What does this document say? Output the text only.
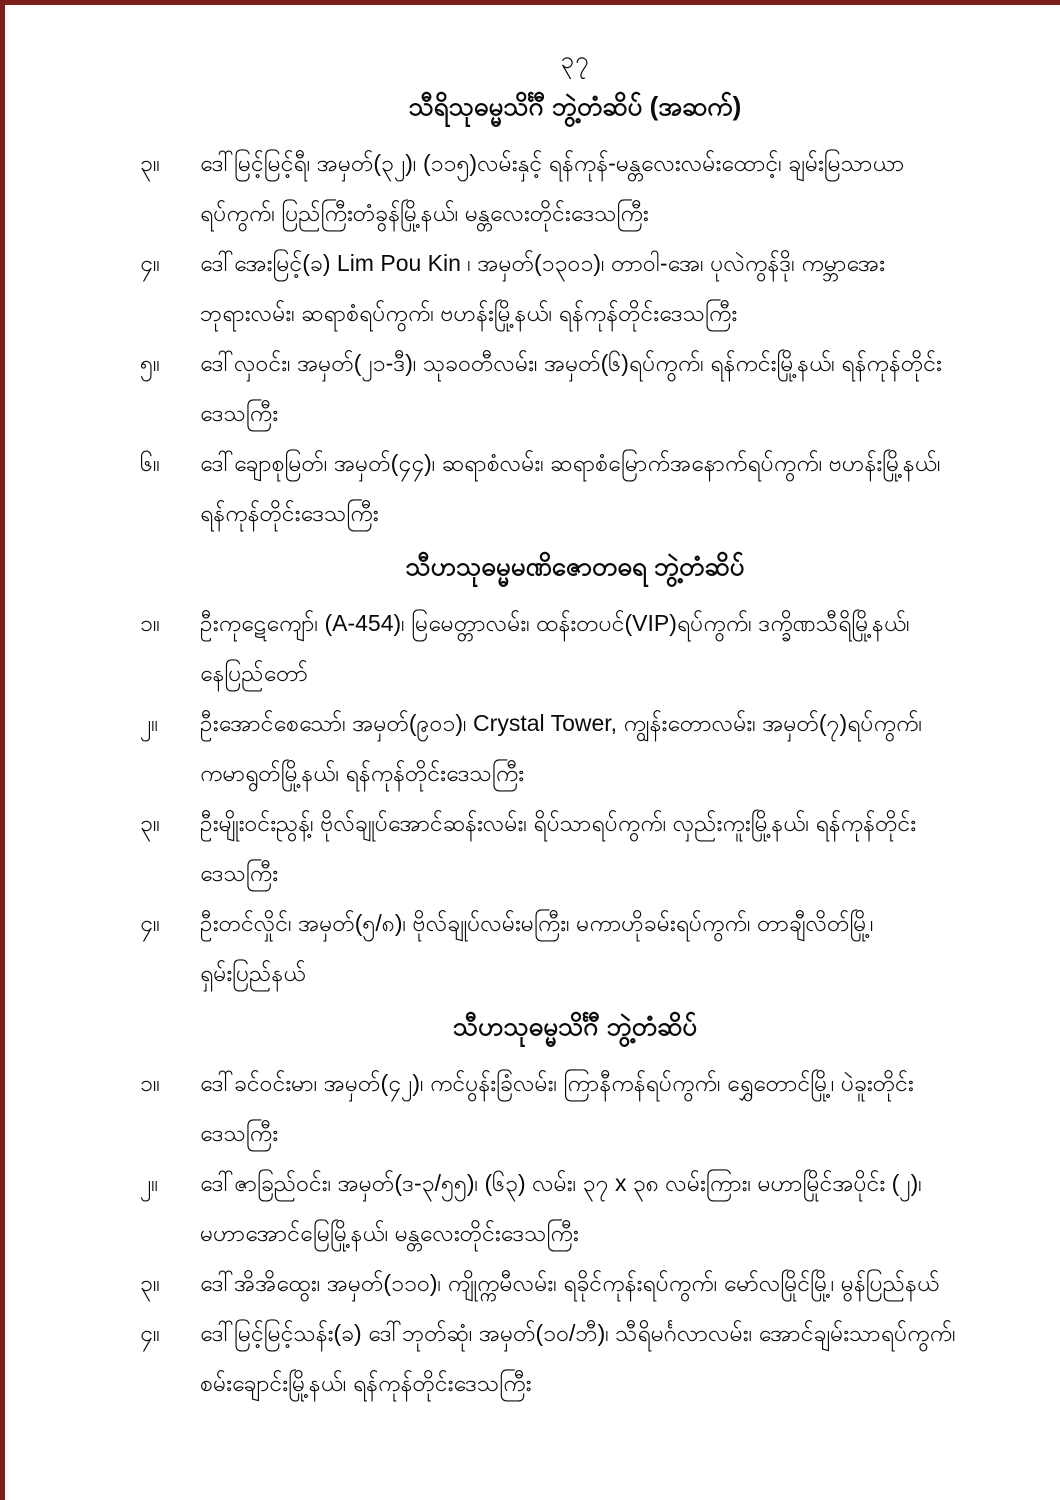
၃၇
သီရိသုဓမ္မသိင်္ဂီ ဘွဲ့တံဆိပ် (အဆက်)
၃။	ဒေါ်မြင့်မြင့်ရီ၊ အမှတ်(၃၂)၊ (၁၁၅)လမ်းနှင့် ရန်ကုန်-မန္တလေးလမ်းထောင့်၊ ချမ်းမြသာယာ
ရပ်ကွက်၊ ပြည်ကြီးတံခွန်မြို့နယ်၊ မန္တလေးတိုင်းဒေသကြီး
၄။	ဒေါ်အေးမြင့်(ခ) Lim Pou Kin ၊ အမှတ်(၁၃၀၁)၊ တာဝါ-အေ၊ ပုလဲကွန်ဒို၊ ကမ္ဘာအေး
ဘုရားလမ်း၊ ဆရာစံရပ်ကွက်၊ ဗဟန်းမြို့နယ်၊ ရန်ကုန်တိုင်းဒေသကြီး
၅။	ဒေါ်လှဝင်း၊ အမှတ်(၂၁-ဒီ)၊ သုခဝတီလမ်း၊ အမှတ်(၆)ရပ်ကွက်၊ ရန်ကင်းမြို့နယ်၊ ရန်ကုန်တိုင်း
ဒေသကြီး
၆။	ဒေါ်ချောစုမြတ်၊ အမှတ်(၄၄)၊ ဆရာစံလမ်း၊ ဆရာစံမြောက်အနောက်ရပ်ကွက်၊ ဗဟန်းမြို့နယ်၊
ရန်ကုန်တိုင်းဒေသကြီး
သီဟသုဓမ္မမဏိဇောတဓရ ဘွဲ့တံဆိပ်
၁။	ဦးကုဋေကျော်၊ (A-454)၊ မြမေတ္တာလမ်း၊ ထန်းတပင်(VIP)ရပ်ကွက်၊ ဒက္ခိဏသီရိမြို့နယ်၊
နေပြည်တော်
၂။	ဦးအောင်စေသော်၊ အမှတ်(၉၀၁)၊ Crystal Tower, ကျွန်းတောလမ်း၊ အမှတ်(၇)ရပ်ကွက်၊
ကမာရွတ်မြို့နယ်၊ ရန်ကုန်တိုင်းဒေသကြီး
၃။	ဦးမျိုးဝင်းညွန့်၊ ဗိုလ်ချုပ်အောင်ဆန်းလမ်း၊ ရိပ်သာရပ်ကွက်၊ လှည်းကူးမြို့နယ်၊ ရန်ကုန်တိုင်း
ဒေသကြီး
၄။	ဦးတင်လှိုင်၊ အမှတ်(၅/၈)၊ ဗိုလ်ချုပ်လမ်းမကြီး၊ မကာဟိုခမ်းရပ်ကွက်၊ တာချီလိတ်မြို့၊
ရှမ်းပြည်နယ်
သီဟသုဓမ္မသိင်္ဂီ ဘွဲ့တံဆိပ်
၁။	ဒေါ်ခင်ဝင်းမာ၊ အမှတ်(၄၂)၊ ကင်ပွန်းခြံလမ်း၊ ကြာနီကန်ရပ်ကွက်၊ ရွှေတောင်မြို့၊ ပဲခူးတိုင်း
ဒေသကြီး
၂။	ဒေါ်ဇာခြည်ဝင်း၊ အမှတ်(ဒ-၃/၅၅)၊ (၆၃) လမ်း၊ ၃၇ x ၃၈ လမ်းကြား၊ မဟာမြိုင်အပိုင်း (၂)၊
မဟာအောင်မြေမြို့နယ်၊ မန္တလေးတိုင်းဒေသကြီး
၃။	ဒေါ်အိအိထွေး၊ အမှတ်(၁၁၀)၊ ကျိုက္ကမီလမ်း၊ ရခိုင်ကုန်းရပ်ကွက်၊ မော်လမြိုင်မြို့၊ မွန်ပြည်နယ်
၄။	ဒေါ်မြင့်မြင့်သန်း(ခ) ဒေါ်ဘုတ်ဆုံ၊ အမှတ်(၁၀/ဘီ)၊ သီရိမင်္ဂလာလမ်း၊ အောင်ချမ်းသာရပ်ကွက်၊
စမ်းချောင်းမြို့နယ်၊ ရန်ကုန်တိုင်းဒေသကြီး
